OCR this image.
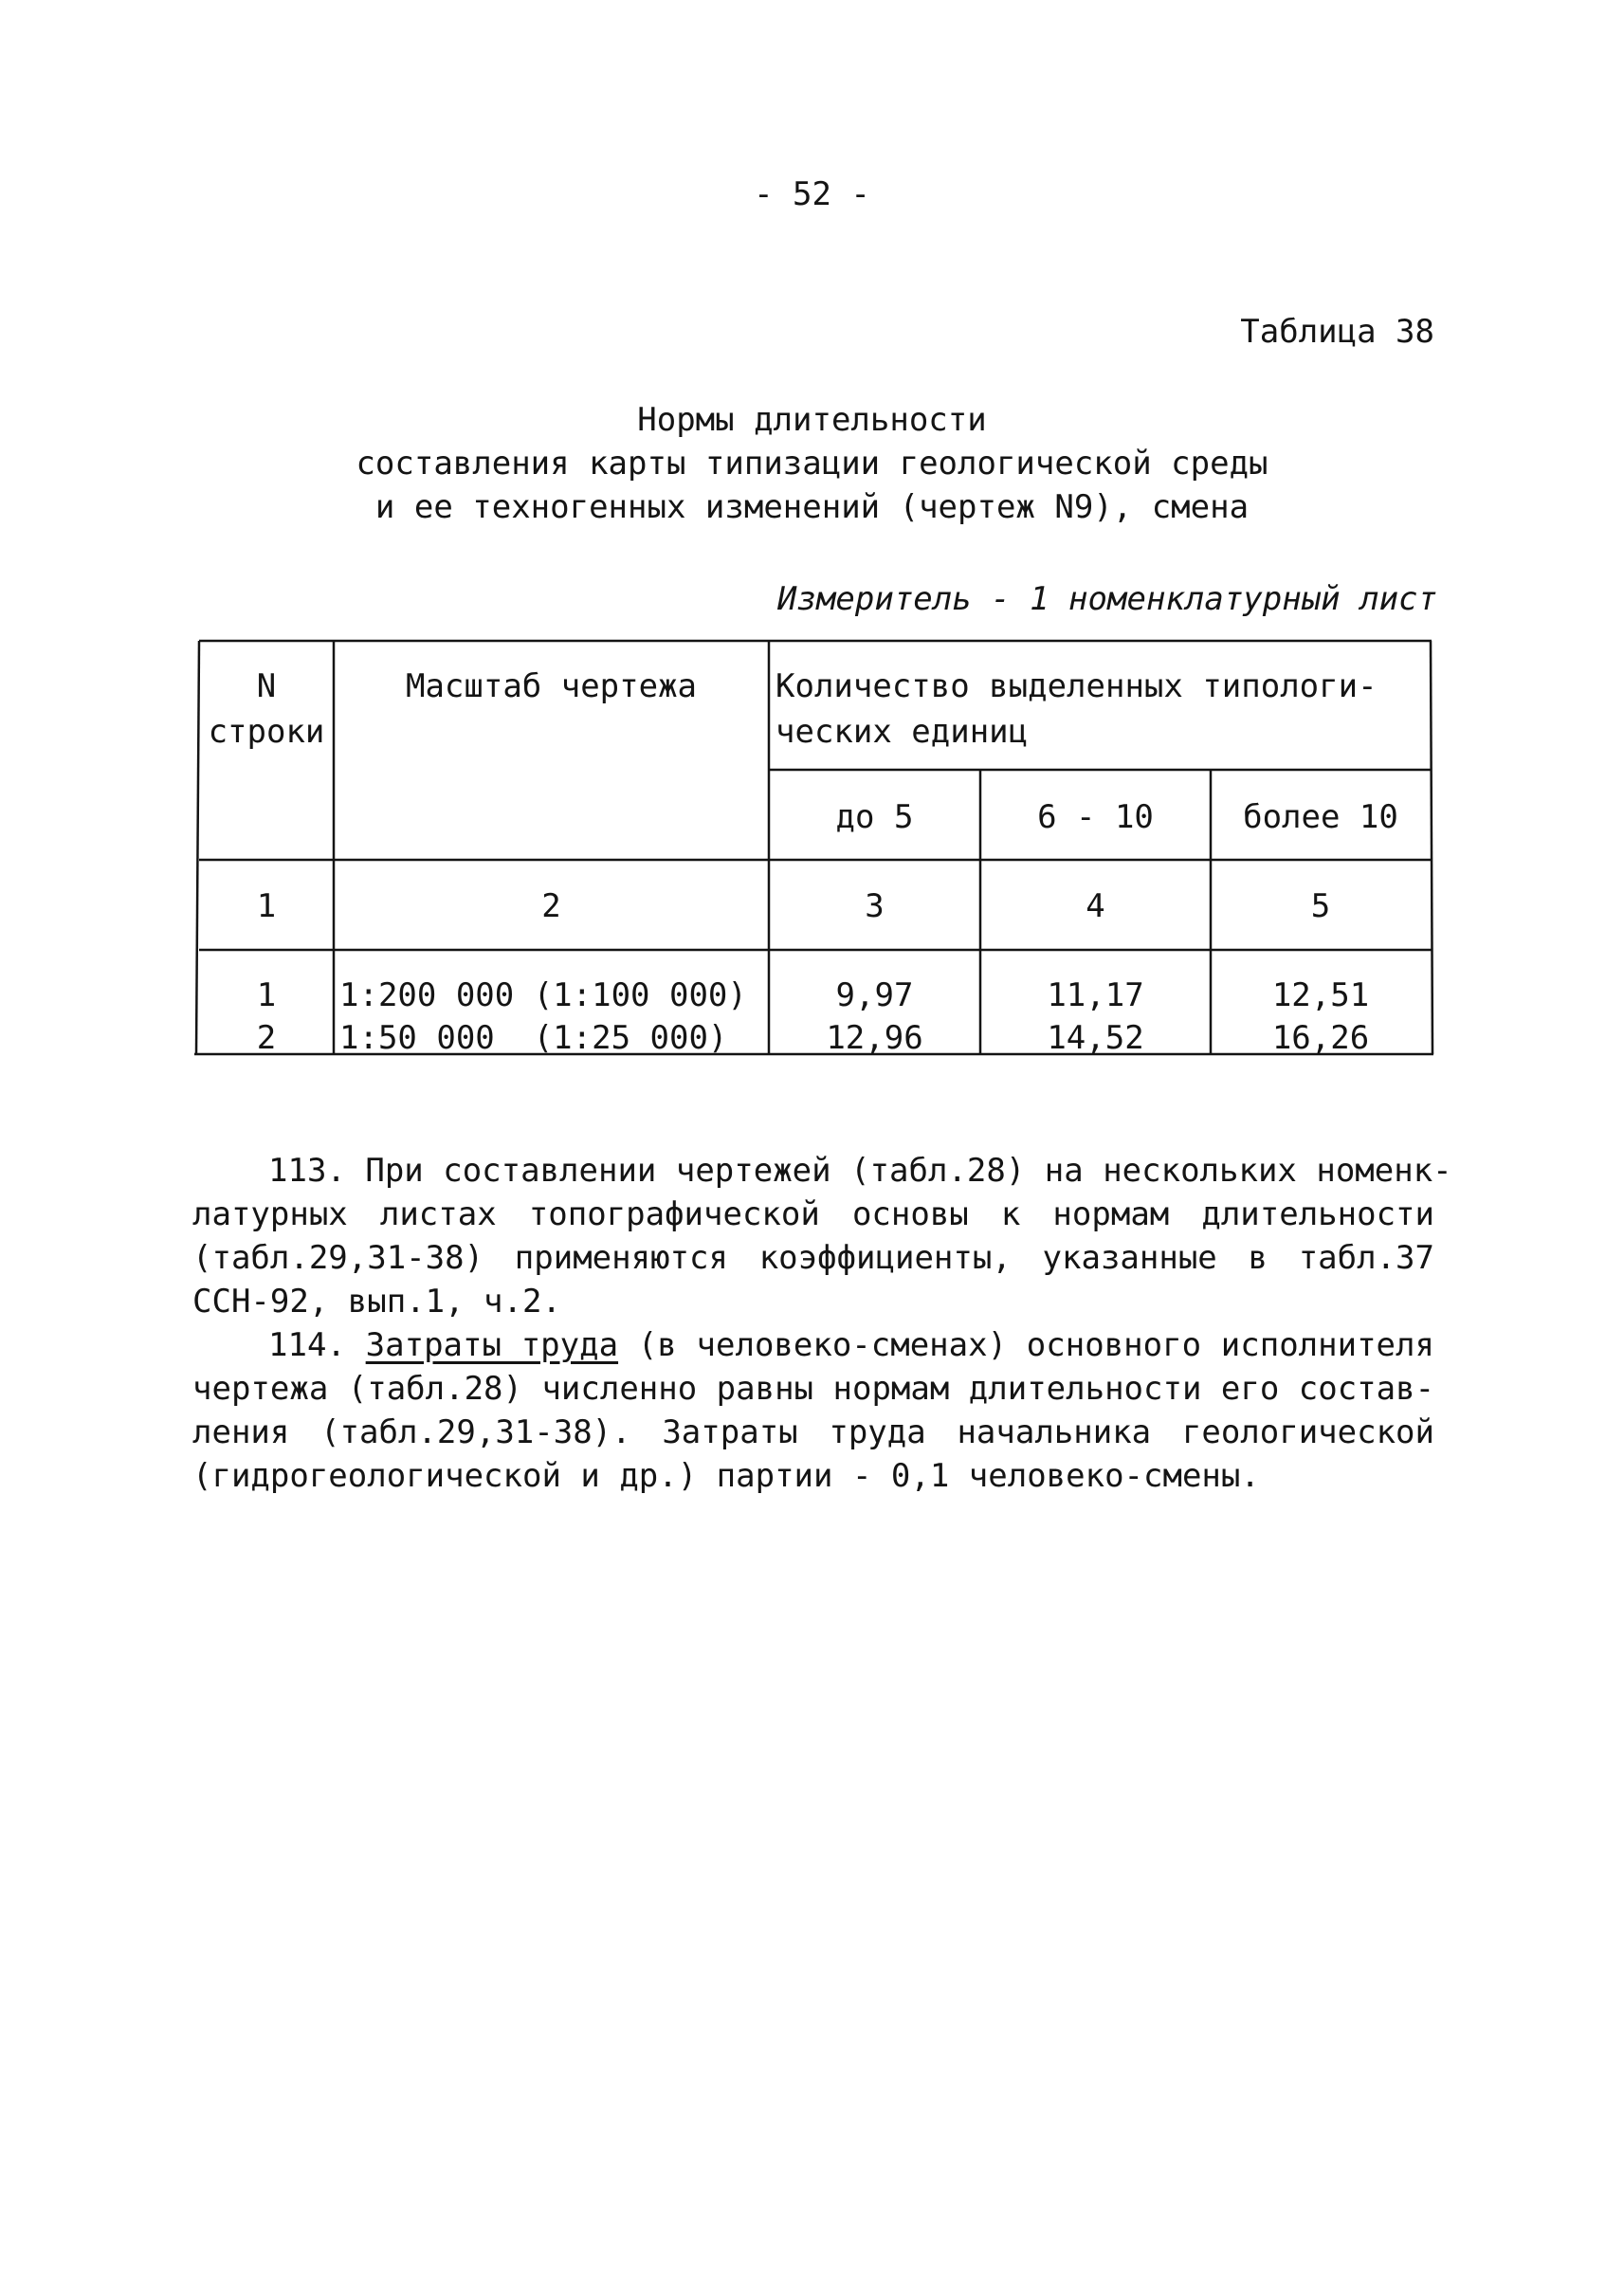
- 52 -
Таблица 38
Нормы длительности
составления карты типизации геологической среды
и ее техногенных изменений (чертеж N9), смена
Измеритель - 1 номенклатурный лист
N
строки
Масштаб чертежа	Количество выделенных типологи-
ческих единиц
до 5	6 - 10	более 10
1	2	3	4	5
1	1:200 000 (1:100 000)	9,97	11,17	12,51
2	1:50 000  (1:25 000)	12,96	14,52	16,26
113. При составлении чертежей (табл.28) на нескольких номенк-
латурных листах топографической основы к нормам длительности
(табл.29,31-38) применяются коэффициенты, указанные в табл.37
ССН-92, вып.1, ч.2.
114. Затраты труда (в человеко-сменах) основного исполнителя
чертежа (табл.28) численно равны нормам длительности его состав-
ления (табл.29,31-38). Затраты труда начальника геологической
(гидрогеологической и др.) партии - 0,1 человеко-смены.
